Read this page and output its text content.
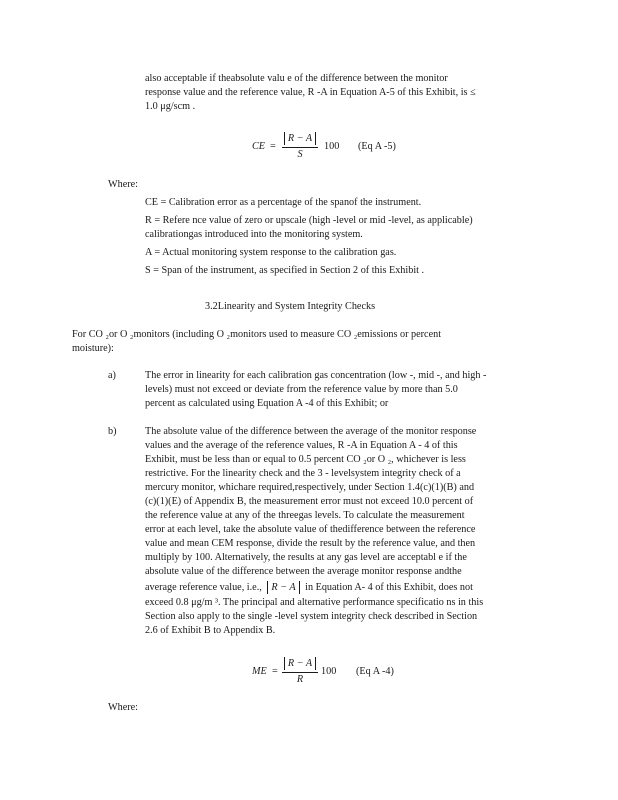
also acceptable if theabsolute valu e of the difference between the monitor
response value and the reference value, R -A in Equation A-5 of this Exhibit, is ≤
1.0 μg/scm .
CE =
R − A
S
100 (Eq A -5)
Where:
CE = Calibration error as a percentage of the spanof the instrument.
R = Refere nce value of zero or upscale (high -level or mid -level, as applicable)
calibrationgas introduced into the monitoring system.
A = Actual monitoring system response to the calibration gas.
S = Span of the instrument, as specified in Section 2 of this Exhibit .
3.2Linearity and System Integrity Checks
For CO ₂or O ₂monitors (including O ₂monitors used to measure CO ₂emissions or percent
moisture):
a)	The error in linearity for each calibration gas concentration (low -, mid -, and high -
levels) must not exceed or deviate from the reference value by more than 5.0
percent as calculated using Equation A -4 of this Exhibit; or
b)	The absolute value of the difference between the average of the monitor response
values and the average of the reference values, R -A in Equation A - 4 of this
Exhibit, must be less than or equal to 0.5 percent CO ₂or O ₂, whichever is less
restrictive. For the linearity check and the 3 - levelsystem integrity check of a
mercury monitor, whichare required,respectively, under Section 1.4(c)(1)(B) and
(c)(1)(E) of Appendix B, the measurement error must not exceed 10.0 percent of
the reference value at any of the threegas levels. To calculate the measurement
error at each level, take the absolute value of thedifference between the reference
value and mean CEM response, divide the result by the reference value, and then
multiply by 100. Alternatively, the results at any gas level are acceptabl e if the
absolute value of the difference between the average monitor response andthe
average reference value, i.e., R − A in Equation A- 4 of this Exhibit, does not
exceed 0.8 μg/m ³. The principal and alternative performance specificatio ns in this
Section also apply to the single -level system integrity check described in Section
2.6 of Exhibit B to Appendix B.
ME =
R − A
R
100 (Eq A -4)
Where:
